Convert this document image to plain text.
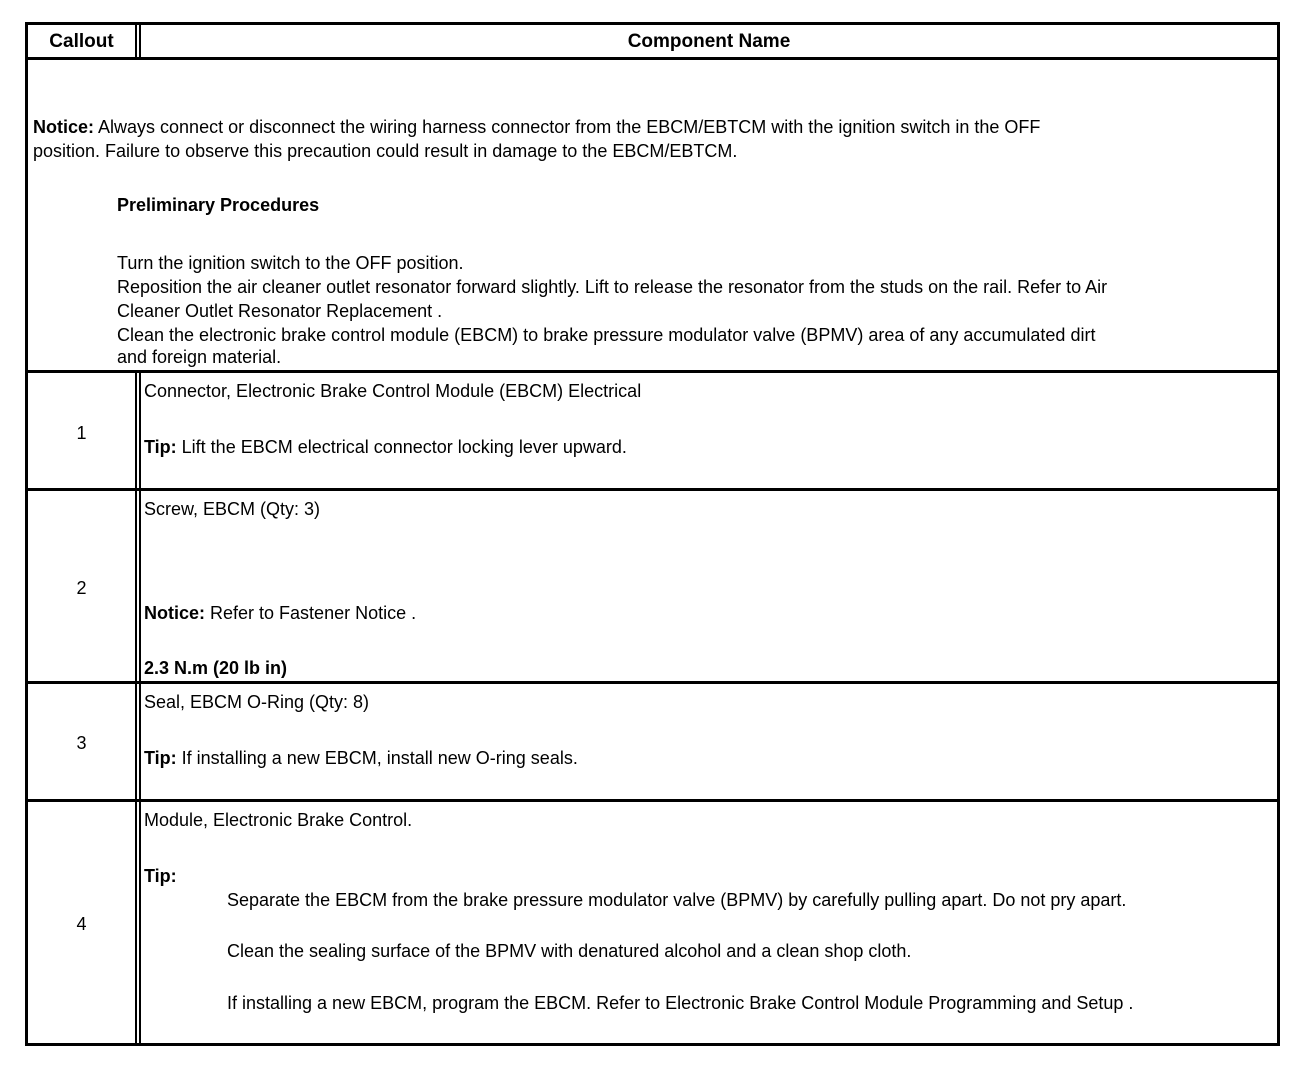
Callout	Component Name
Notice: Always connect or disconnect the wiring harness connector from the EBCM/EBTCM with the ignition switch in the OFF
position. Failure to observe this precaution could result in damage to the EBCM/EBTCM.
Preliminary Procedures
Turn the ignition switch to the OFF position.
Reposition the air cleaner outlet resonator forward slightly. Lift to release the resonator from the studs on the rail. Refer to Air
Cleaner Outlet Resonator Replacement .
Clean the electronic brake control module (EBCM) to brake pressure modulator valve (BPMV) area of any accumulated dirt
and foreign material.
1
Connector, Electronic Brake Control Module (EBCM) Electrical
Tip: Lift the EBCM electrical connector locking lever upward.
2
Screw, EBCM (Qty: 3)
Notice: Refer to Fastener Notice .
2.3 N.m (20 lb in)
3
Seal, EBCM O-Ring (Qty: 8)
Tip: If installing a new EBCM, install new O-ring seals.
4
Module, Electronic Brake Control.
Tip:
Separate the EBCM from the brake pressure modulator valve (BPMV) by carefully pulling apart. Do not pry apart.
Clean the sealing surface of the BPMV with denatured alcohol and a clean shop cloth.
If installing a new EBCM, program the EBCM. Refer to Electronic Brake Control Module Programming and Setup .
